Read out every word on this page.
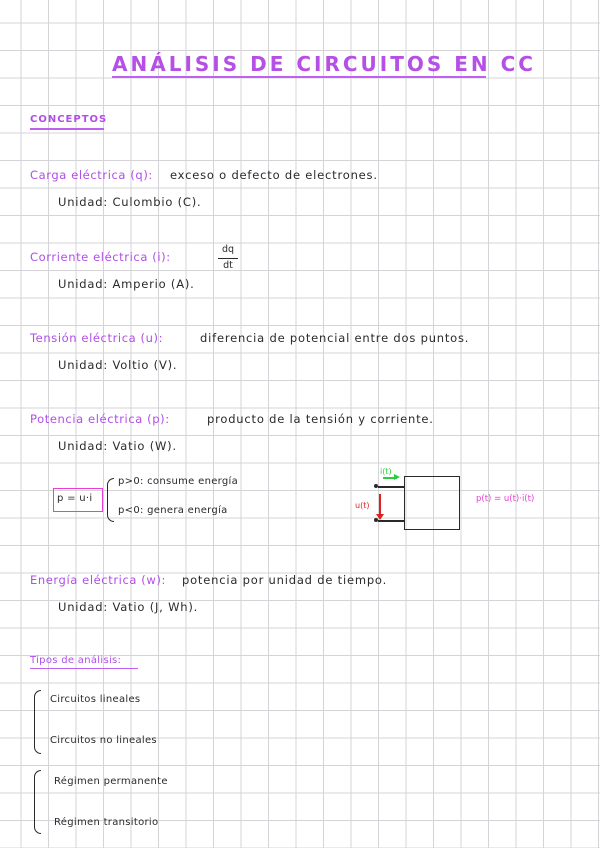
ANÁLISIS DE CIRCUITOS EN CC
CONCEPTOS
Carga eléctrica (q): exceso o defecto de electrones.
Unidad: Culombio (C).
Corriente eléctrica (i):
dq
dt
Unidad: Amperio (A).
Tensión eléctrica (u):	diferencia de potencial entre dos puntos.
Unidad: Voltio (V).
Potencia eléctrica (p):	producto de la tensión y corriente.
Unidad: Vatio (W).
p = u·i
p>0: consume energía
p<0: genera energía
i(t)
u(t)
p(t) = u(t)·i(t)
Energía eléctrica (w): potencia por unidad de tiempo.
Unidad: Vatio (J, Wh).
Tipos de análisis:
Circuitos lineales
Circuitos no lineales
Régimen permanente
Régimen transitorio
